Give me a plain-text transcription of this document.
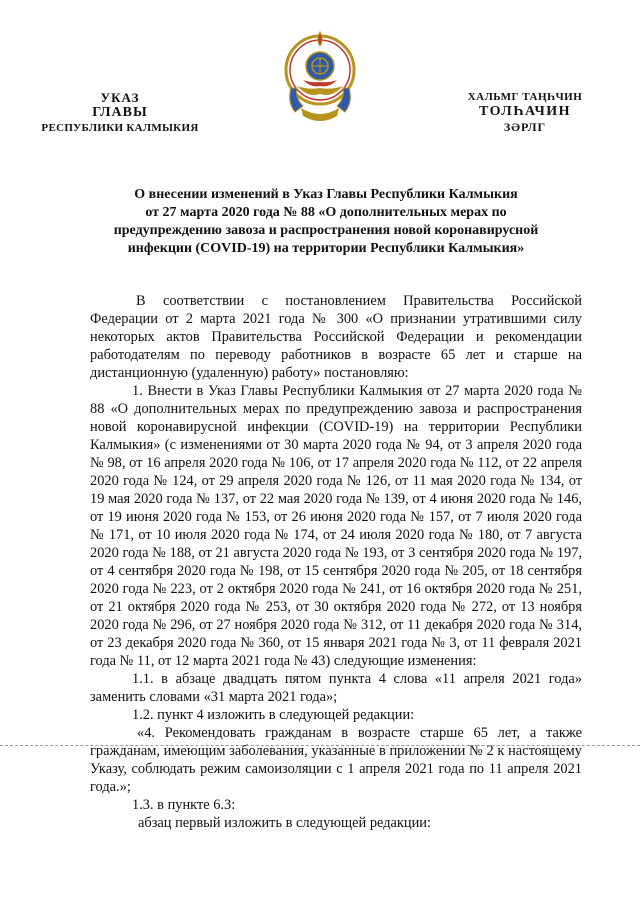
УКАЗ
ГЛАВЫ
РЕСПУБЛИКИ КАЛМЫКИЯ
ХАЛЬМГ ТАҢҺЧИН
ТОЛҺАЧИН
ЗӘРЛГ
О внесении изменений в Указ Главы Республики Калмыкия
от 27 марта 2020 года № 88 «О дополнительных мерах по
предупреждению завоза и распространения новой коронавирусной
инфекции (COVID-19) на территории Республики Калмыкия»

В соответствии с постановлением Правительства Российской Федерации от 2 марта 2021 года № 300 «О признании утратившими силу некоторых актов Правительства Российской Федерации и рекомендации работодателям по переводу работников в возрасте 65 лет и старше на дистанционную (удаленную) работу» постановляю:

1. Внести в Указ Главы Республики Калмыкия от 27 марта 2020 года № 88 «О дополнительных мерах по предупреждению завоза и распространения новой коронавирусной инфекции (COVID-19) на территории Республики Калмыкия» (с изменениями от 30 марта 2020 года № 94, от 3 апреля 2020 года № 98, от 16 апреля 2020 года № 106, от 17 апреля 2020 года № 112, от 22 апреля 2020 года № 124, от 29 апреля 2020 года № 126, от 11 мая 2020 года № 134, от 19 мая 2020 года № 137, от 22 мая 2020 года № 139, от 4 июня 2020 года № 146, от 19 июня 2020 года № 153, от 26 июня 2020 года № 157, от 7 июля 2020 года № 171, от 10 июля 2020 года № 174, от 24 июля 2020 года № 180, от 7 августа 2020 года № 188, от 21 августа 2020 года № 193, от 3 сентября 2020 года № 197, от 4 сентября 2020 года № 198, от 15 сентября 2020 года № 205, от 18 сентября 2020 года № 223, от 2 октября 2020 года № 241, от 16 октября 2020 года № 251, от 21 октября 2020 года № 253, от 30 октября 2020 года № 272, от 13 ноября 2020 года № 296, от 27 ноября 2020 года № 312, от 11 декабря 2020 года № 314, от 23 декабря 2020 года № 360, от 15 января 2021 года № 3, от 11 февраля 2021 года № 11, от 12 марта 2021 года № 43) следующие изменения:

1.1. в абзаце двадцать пятом пункта 4 слова «11 апреля 2021 года» заменить словами «31 марта 2021 года»;

1.2. пункт 4 изложить в следующей редакции:

«4. Рекомендовать гражданам в возрасте старше 65 лет, а также гражданам, имеющим заболевания, указанные в приложении № 2 к настоящему Указу, соблюдать режим самоизоляции с 1 апреля 2021 года по 11 апреля 2021 года.»;

1.3. в пункте 6.3:

абзац первый изложить в следующей редакции:
